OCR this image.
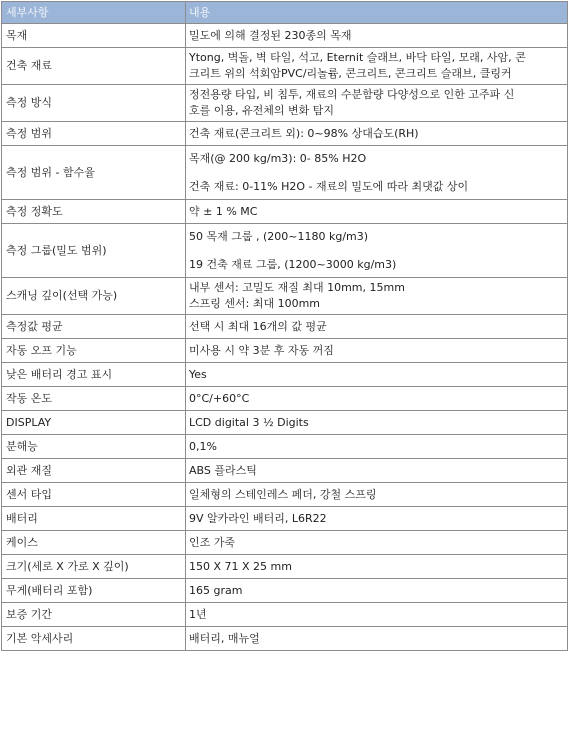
세부사항	내용
목재	밀도에 의해 결정된 230종의 목재

건축 재료	Ytong, 벽돌, 벽 타일, 석고, Eternit 슬래브, 바닥 타일, 모래, 사암, 콘
크리트 위의 석회암PVC/리놀륨, 콘크리트, 콘크리트 슬래브, 클링커

측정 방식	정전용량 타입, 비 침투, 재료의 수분함량 다양성으로 인한 고주파 신
호를 이용, 유전체의 변화 탐지

측정 범위	건축 재료(콘크리트 외): 0~98% 상대습도(RH)

측정 범위 - 함수율	목재(@ 200 kg/m3): 0- 85% H2O
건축 재료: 0-11% H2O - 재료의 밀도에 따라 최댓값 상이

측정 정확도	약 ± 1 % MC

측정 그룹(밀도 범위)	50 목재 그룹 , (200~1180 kg/m3)
19 건축 재료 그룹, (1200~3000 kg/m3)

스캐닝 깊이(선택 가능)	내부 센서: 고밀도 재질 최대 10mm, 15mm
스프링 센서: 최대 100mm

측정값 평균	선택 시 최대 16개의 값 평균

자동 오프 기능	미사용 시 약 3분 후 자동 꺼짐

낮은 배터리 경고 표시	Yes

작동 온도	0°C/+60°C

DISPLAY	LCD digital 3 ½ Digits

분해능	0,1%

외관 재질	ABS 플라스틱

센서 타입	일체형의 스테인레스 페더, 강철 스프링

배터리	9V 알카라인 배터리, L6R22

케이스	인조 가죽

크기(세로 X 가로 X 깊이)	150 X 71 X 25 mm

무게(배터리 포함)	165 gram

보증 기간	1년

기본 악세사리	배터리, 매뉴얼
